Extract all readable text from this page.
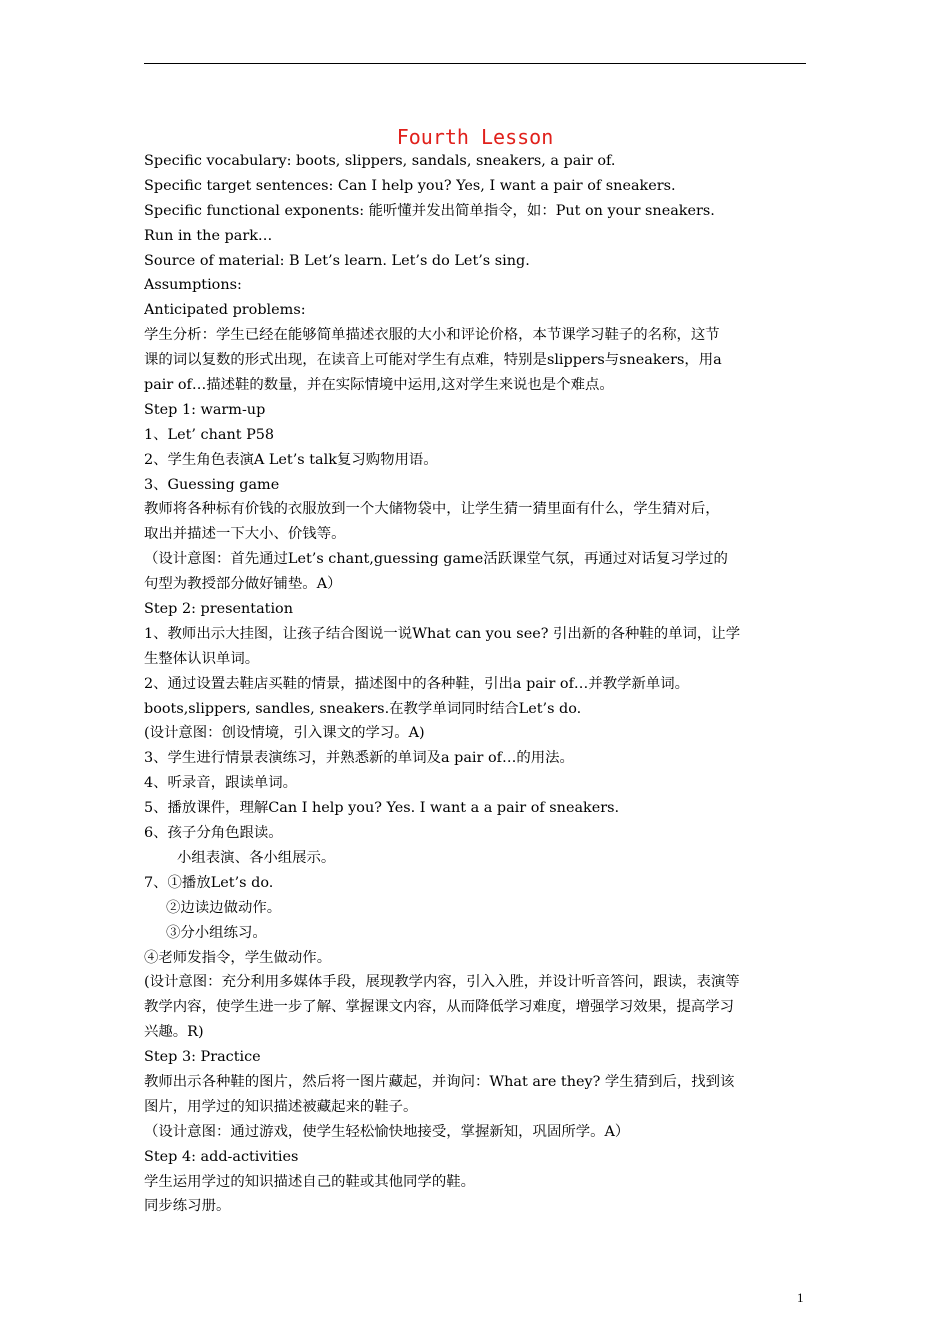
Fourth Lesson
Specific vocabulary: boots, slippers, sandals, sneakers, a pair of.
Specific target sentences: Can I help you? Yes, I want a pair of sneakers.
Specific functional exponents: 能听懂并发出简单指令，如：Put on your sneakers.
Run in the park…
Source of material: B Let’s learn. Let’s do Let’s sing.
Assumptions:
Anticipated problems:
学生分析：学生已经在能够简单描述衣服的大小和评论价格，本节课学习鞋子的名称，这节
课的词以复数的形式出现，在读音上可能对学生有点难，特别是slippers与sneakers，用a
pair of…描述鞋的数量，并在实际情境中运用,这对学生来说也是个难点。
Step 1: warm-up
1、Let’ chant P58
2、学生角色表演A Let’s talk复习购物用语。
3、Guessing game
教师将各种标有价钱的衣服放到一个大储物袋中，让学生猜一猜里面有什么，学生猜对后，
取出并描述一下大小、价钱等。
（设计意图：首先通过Let’s chant,guessing game活跃课堂气氛，再通过对话复习学过的
句型为教授部分做好铺垫。A）
Step 2: presentation
1、教师出示大挂图，让孩子结合图说一说What can you see? 引出新的各种鞋的单词，让学
生整体认识单词。
2、通过设置去鞋店买鞋的情景，描述图中的各种鞋，引出a pair of…并教学新单词。
boots,slippers, sandles, sneakers.在教学单词同时结合Let’s do.
(设计意图：创设情境，引入课文的学习。A)
3、学生进行情景表演练习，并熟悉新的单词及a pair of…的用法。
4、听录音，跟读单词。
5、播放课件，理解Can I help you? Yes. I want a a pair of sneakers.
6、孩子分角色跟读。
小组表演、各小组展示。
7、①播放Let’s do.
②边读边做动作。
③分小组练习。
④老师发指令，学生做动作。
(设计意图：充分利用多媒体手段，展现教学内容，引入入胜，并设计听音答问，跟读，表演等
教学内容，使学生进一步了解、掌握课文内容，从而降低学习难度，增强学习效果，提高学习
兴趣。R)
Step 3: Practice
教师出示各种鞋的图片，然后将一图片藏起，并询问：What are they? 学生猜到后，找到该
图片，用学过的知识描述被藏起来的鞋子。
（设计意图：通过游戏，使学生轻松愉快地接受，掌握新知，巩固所学。A）
Step 4: add-activities
学生运用学过的知识描述自己的鞋或其他同学的鞋。
同步练习册。
1
